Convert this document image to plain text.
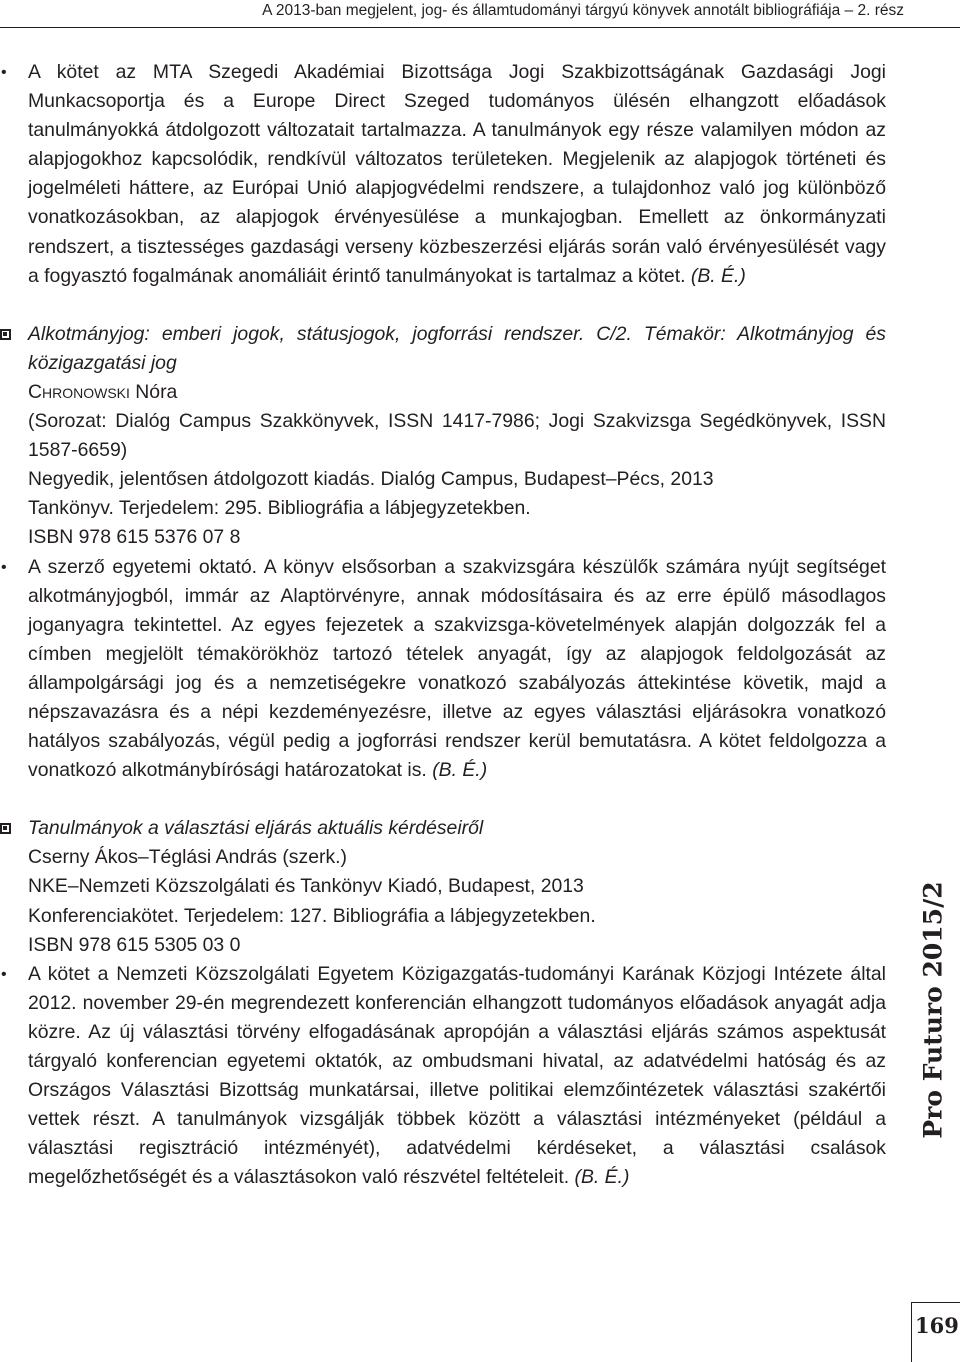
A 2013-ban megjelent, jog- és államtudományi tárgyú könyvek annotált bibliográfiája – 2. rész

•	A kötet az MTA Szegedi Akadémiai Bizottsága Jogi Szakbizottságának Gazdasági Jogi Munkacsoportja és a Europe Direct Szeged tudományos ülésén elhangzott előadások tanulmányokká átdolgozott változatait tartalmazza. A tanulmányok egy része valamilyen módon az alapjogokhoz kapcsolódik, rendkívül változatos területeken. Megjelenik az alapjogok történeti és jogelméleti háttere, az Európai Unió alapjogvédelmi rendszere, a tulajdonhoz való jog különböző vonatkozásokban, az alapjogok érvényesülése a munkajogban. Emellett az önkormányzati rendszert, a tisztességes gazdasági verseny közbeszerzési eljárás során való érvényesülését vagy a fogyasztó fogalmának anomáliáit érintő tanulmányokat is tartalmaz a kötet. (B. É.)

Alkotmányjog: emberi jogok, státusjogok, jogforrási rendszer. C/2. Témakör: Alkotmányjog és közigazgatási jog

Chronowski Nóra

(Sorozat: Dialóg Campus Szakkönyvek, ISSN 1417-7986; Jogi Szakvizsga Segédkönyvek, ISSN 1587-6659)

Negyedik, jelentősen átdolgozott kiadás. Dialóg Campus, Budapest–Pécs, 2013

Tankönyv. Terjedelem: 295. Bibliográfia a lábjegyzetekben.

ISBN 978 615 5376 07 8

•	A szerző egyetemi oktató. A könyv elsősorban a szakvizsgára készülők számára nyújt segítséget alkotmányjogból, immár az Alaptörvényre, annak módosításaira és az erre épülő másodlagos joganyagra tekintettel. Az egyes fejezetek a szakvizsga-követelmények alapján dolgozzák fel a címben megjelölt témakörökhöz tartozó tételek anyagát, így az alapjogok feldolgozását az állampolgársági jog és a nemzetiségekre vonatkozó szabályozás áttekintése követik, majd a népszavazásra és a népi kezdeményezésre, illetve az egyes választási eljárásokra vonatkozó hatályos szabályozás, végül pedig a jogforrási rendszer kerül bemutatásra. A kötet feldolgozza a vonatkozó alkotmánybírósági határozatokat is. (B. É.)

Tanulmányok a választási eljárás aktuális kérdéseiről

Cserny Ákos–Téglási András (szerk.)

NKE–Nemzeti Közszolgálati és Tankönyv Kiadó, Budapest, 2013

Konferenciakötet. Terjedelem: 127. Bibliográfia a lábjegyzetekben.

ISBN 978 615 5305 03 0

•	A kötet a Nemzeti Közszolgálati Egyetem Közigazgatás-tudományi Karának Közjogi Intézete által 2012. november 29-én megrendezett konferencián elhangzott tudományos előadások anyagát adja közre. Az új választási törvény elfogadásának apropóján a választási eljárás számos aspektusát tárgyaló konferencian egyetemi oktatók, az ombudsmani hivatal, az adatvédelmi hatóság és az Országos Választási Bizottság munkatársai, illetve politikai elemzőintézetek választási szakértői vettek részt. A tanulmányok vizsgálják többek között a választási intézményeket (például a választási regisztráció intézményét), adatvédelmi kérdéseket, a választási csalások megelőzhetőségét és a választásokon való részvétel feltételeit. (B. É.)

Pro Futuro 2015/2
169
